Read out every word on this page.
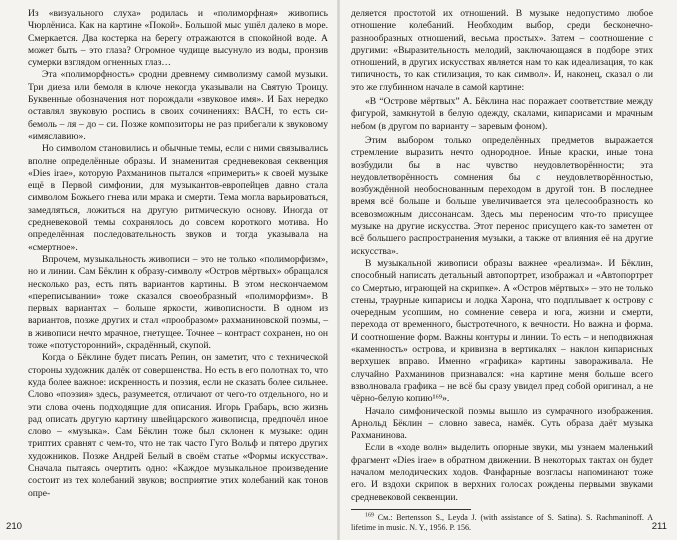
Из «визуального слуха» родилась и «полиморфная» живопись Чюрлёниса. Как на картине «Покой». Большой мыс ушёл далеко в море. Смеркается. Два костерка на берегу отражаются в спокойной воде. А может быть – это глаза? Огромное чудище высунуло из воды, пронзив сумерки взглядом огненных глаз…

Эта «полиморфность» сродни древнему символизму самой музыки. Три диеза или бемоля в ключе некогда указывали на Святую Троицу. Буквенные обозначения нот порождали «звуковое имя». И Бах нередко оставлял звуковую роспись в своих сочинениях: BACH, то есть си-бемоль – ля – до – си. Позже композиторы не раз прибегали к звуковому «имяславию».

Но символом становились и обычные темы, если с ними связывались вполне определённые образы. И знаменитая средневековая секвенция «Dies irae», которую Рахманинов пытался «примерить» к своей музыке ещё в Первой симфонии, для музыкантов-европейцев давно стала символом Божьего гнева или мрака и смерти. Тема могла варьироваться, замедляться, ложиться на другую ритмическую основу. Иногда от средневековой темы сохранялось до совсем короткого мотива. Но определённая последовательность звуков и тогда указывала на «смертное».

Впрочем, музыкальность живописи – это не только «полиморфизм», но и линии. Сам Бёклин к образу-символу «Остров мёртвых» обращался несколько раз, есть пять вариантов картины. В этом нескончаемом «переписывании» тоже сказался своеобразный «полиморфизм». В первых вариантах – больше яркости, живописности. В одном из вариантов, позже других и стал «прообразом» рахманиновской поэмы, – в живописи нечто мрачное, гнетущее. Точнее – контраст сохранен, но он тоже «потусторонний», скрадённый, скупой.

Когда о Бёклине будет писать Репин, он заметит, что с технической стороны художник далёк от совершенства. Но есть в его полотнах то, что куда более важное: искренность и поэзия, если не сказать более сильнее. Слово «поэзия» здесь, разумеется, отличают от чего-то отдельного, но и эти слова очень подходящие для описания. Игорь Грабарь, всю жизнь рад описать другую картину швейцарского живописца, предпочёл иное слово – «музыка». Сам Бёклин тоже был склонен к музыке: один триптих сравнят с чем-то, что не так часто Гуго Вольф и пятеро других художников. Позже Андрей Белый в своём статье «Формы искусства». Сначала пытаясь очертить одно: «Каждое музыкальное произведение состоит из тех колебаний звуков; восприятие этих колебаний как тонов опре-

210

деляется простотой их отношений. В музыке недопустимо любое отношение колебаний. Необходим выбор, среди бесконечно-разнообразных отношений, весьма простых». Затем – соотношение с другими: «Выразительность мелодий, заключающаяся в подборе этих отношений, в других искусствах является нам то как идеализация, то как типичность, то как стилизация, то как символ». И, наконец, сказал о ли это же глубинном начале в самой картине:

«В “Острове мёртвых” А. Бёклина нас поражает соответствие между фигурой, замкнутой в белую одежду, скалами, кипарисами и мрачным небом (в другом по варианту – заревым фоном).

Этим выбором только определённых предметов выражается стремление выразить нечто однородное. Иные краски, иные тона возбудили бы в нас чувство неудовлетворённости; эта неудовлетворённость сомнения бы с неудовлетворённостью, возбуждённой необоснованным переходом в другой тон. В последнее время всё больше и больше увеличивается эта целесообразность ко всевозможным диссонансам. Здесь мы переносим что-то присущее музыке на другие искусства. Этот перенос присущего как-то заметен от всё большего распространения музыки, а также от влияния её на другие искусства».

В музыкальной живописи образы важнее «реализма». И Бёклин, способный написать детальный автопортрет, изображал и «Автопортрет со Смертью, играющей на скрипке». А «Остров мёртвых» – это не только стены, траурные кипарисы и лодка Харона, что подплывает к острову с очередным усопшим, но сомнение севера и юга, жизни и смерти, перехода от временного, быстротечного, к вечности. Но важна и форма. И соотношение форм. Важны контуры и линии. То есть – и неподвижная «каменность» острова, и кривизна в вертикалях – наклон кипарисных верхушек вправо. Именно «графика» картины завораживала. Не случайно Рахманинов признавался: «на картине меня больше всего взволновала графика – не всё бы сразу увидел пред собой оригинал, а не чёрно-белую копию¹⁶⁹».

Начало симфонической поэмы вышло из сумрачного изображения. Арнольд Бёклин – словно завеса, намёк. Суть образа даёт музыка Рахманинова.

Если в «ходе волн» выделить опорные звуки, мы узнаем маленький фрагмент «Dies irae» в обратном движении. В некоторых тактах он будет началом мелодических ходов. Фанфарные возгласы напоминают тоже его. И вздохи скрипок в верхних голосах рождены первыми звуками средневековой секвенции.

$^{169}$ См.: Bertensson S., Leyda J. (with assistance of S. Satina). S. Rachmaninoff. A lifetime in music. N. Y., 1956. P. 156.	211
